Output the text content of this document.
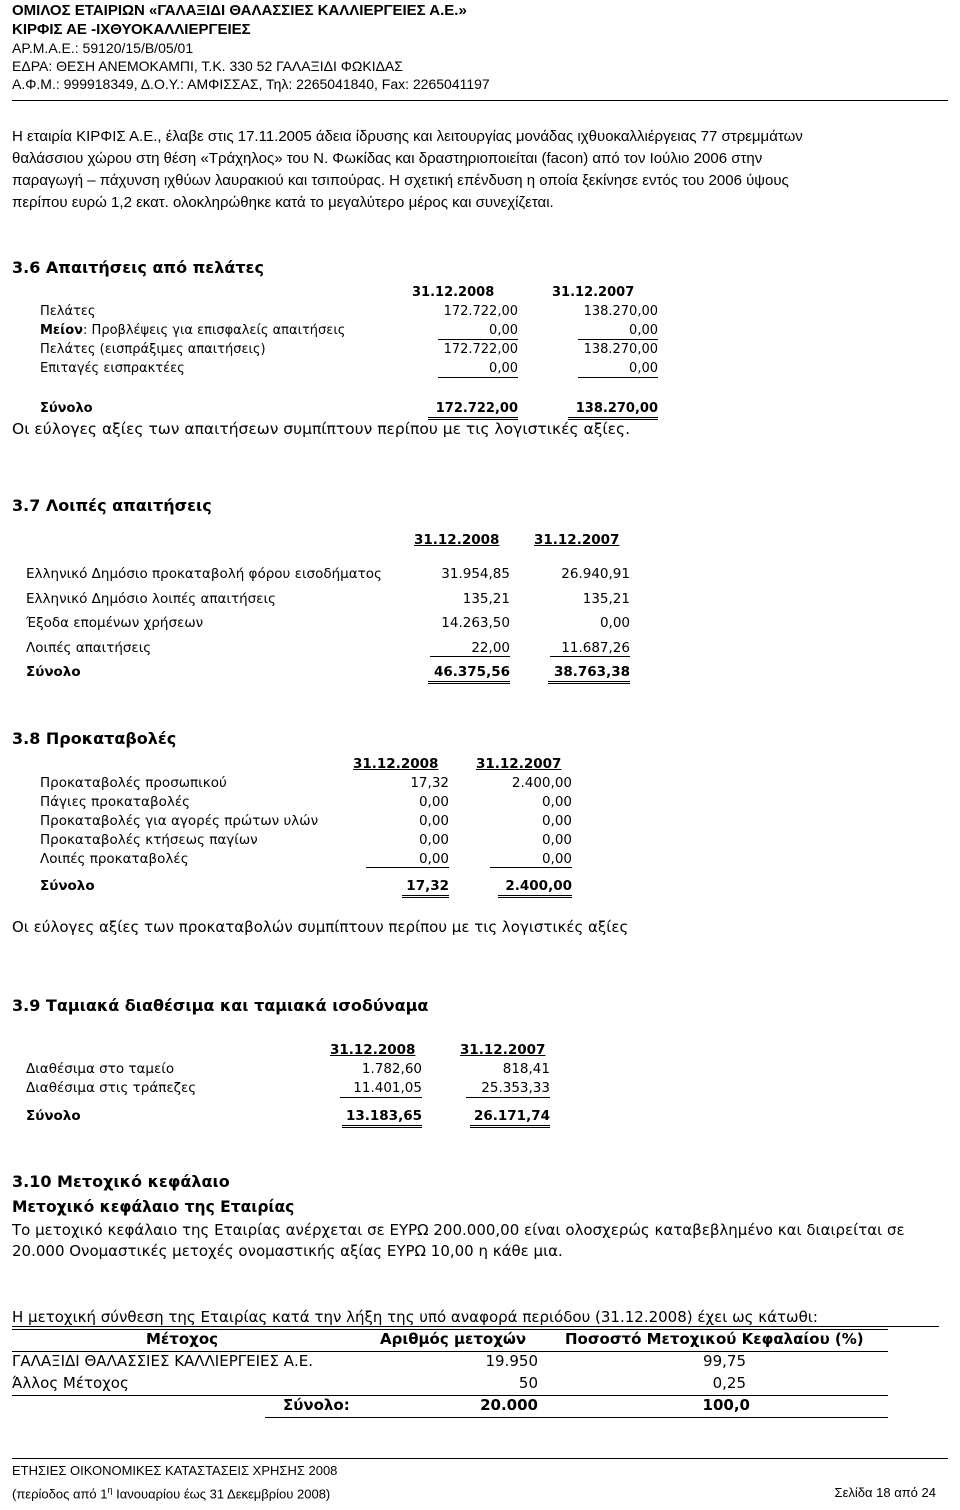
ΟΜΙΛΟΣ ΕΤΑΙΡΙΩΝ «ΓΑΛΑΞΙΔΙ ΘΑΛΑΣΣΙΕΣ ΚΑΛΛΙΕΡΓΕΙΕΣ Α.Ε.»
ΚΙΡΦΙΣ ΑΕ -ΙΧΘΥΟΚΑΛΛΙΕΡΓΕΙΕΣ
ΑΡ.Μ.Α.Ε.: 59120/15/Β/05/01
ΕΔΡΑ: ΘΕΣΗ ΑΝΕΜΟΚΑΜΠΙ, Τ.Κ. 330 52 ΓΑΛΑΞΙΔΙ ΦΩΚΙΔΑΣ
Α.Φ.Μ.: 999918349, Δ.Ο.Υ.: ΑΜΦΙΣΣΑΣ, Τηλ: 2265041840, Fax: 2265041197
Η εταιρία ΚΙΡΦΙΣ Α.Ε., έλαβε στις 17.11.2005 άδεια ίδρυσης και λειτουργίας μονάδας ιχθυοκαλλιέργειας 77 στρεμμάτων
θαλάσσιου χώρου στη θέση «Τράχηλος» του Ν. Φωκίδας και δραστηριοποιείται (facon) από τον Ιούλιο 2006 στην
παραγωγή – πάχυνση ιχθύων λαυρακιού και τσιπούρας. Η σχετική επένδυση η οποία ξεκίνησε εντός του 2006 ύψους
περίπου ευρώ 1,2 εκατ. ολοκληρώθηκε κατά το μεγαλύτερο μέρος και συνεχίζεται.
3.6 Απαιτήσεις από πελάτες
31.12.2008	31.12.2007
Πελάτες	172.722,00	138.270,00
Μείον: Προβλέψεις για επισφαλείς απαιτήσεις	0,00	0,00
Πελάτες (εισπράξιμες απαιτήσεις)	172.722,00	138.270,00
Επιταγές εισπρακτέες	0,00	0,00
Σύνολο	172.722,00	138.270,00
Οι εύλογες αξίες των απαιτήσεων συμπίπτουν περίπου με τις λογιστικές αξίες.
3.7 Λοιπές απαιτήσεις
31.12.2008	31.12.2007
Ελληνικό Δημόσιο προκαταβολή φόρου εισοδήματος	31.954,85	26.940,91
Ελληνικό Δημόσιο λοιπές απαιτήσεις	135,21	135,21
Έξοδα επομένων χρήσεων	14.263,50	0,00
Λοιπές απαιτήσεις	22,00	11.687,26
Σύνολο	46.375,56	38.763,38
3.8 Προκαταβολές
31.12.2008	31.12.2007
Προκαταβολές προσωπικού	17,32	2.400,00
Πάγιες προκαταβολές	0,00	0,00
Προκαταβολές για αγορές πρώτων υλών	0,00	0,00
Προκαταβολές κτήσεως παγίων	0,00	0,00
Λοιπές προκαταβολές	0,00	0,00
Σύνολο	17,32	2.400,00
Οι εύλογες αξίες των προκαταβολών συμπίπτουν περίπου με τις λογιστικές αξίες
3.9 Ταμιακά διαθέσιμα και ταμιακά ισοδύναμα
31.12.2008	31.12.2007
Διαθέσιμα στο ταμείο	1.782,60	818,41
Διαθέσιμα στις τράπεζες	11.401,05	25.353,33
Σύνολο	13.183,65	26.171,74
3.10 Μετοχικό κεφάλαιο
Μετοχικό κεφάλαιο της Εταιρίας
Το μετοχικό κεφάλαιο της Εταιρίας ανέρχεται σε ΕΥΡΩ 200.000,00 είναι ολοσχερώς καταβεβλημένο και διαιρείται σε
20.000 Ονομαστικές μετοχές ονομαστικής αξίας ΕΥΡΩ 10,00 η κάθε μια.
Η μετοχική σύνθεση της Εταιρίας κατά την λήξη της υπό αναφορά περιόδου (31.12.2008) έχει ως κάτωθι:
Μέτοχος	Αριθμός μετοχών	Ποσοστό Μετοχικού Κεφαλαίου (%)
ΓΑΛΑΞΙΔΙ ΘΑΛΑΣΣΙΕΣ ΚΑΛΛΙΕΡΓΕΙΕΣ Α.Ε.	19.950	99,75
Άλλος Μέτοχος	50	0,25
Σύνολο:	20.000	100,0
ΕΤΗΣΙΕΣ ΟΙΚΟΝΟΜΙΚΕΣ ΚΑΤΑΣΤΑΣΕΙΣ ΧΡΗΣΗΣ 2008
(περίοδος από $1^\eta$ Ιανουαρίου έως 31 Δεκεμβρίου 2008)	Σελίδα 18 από 24
